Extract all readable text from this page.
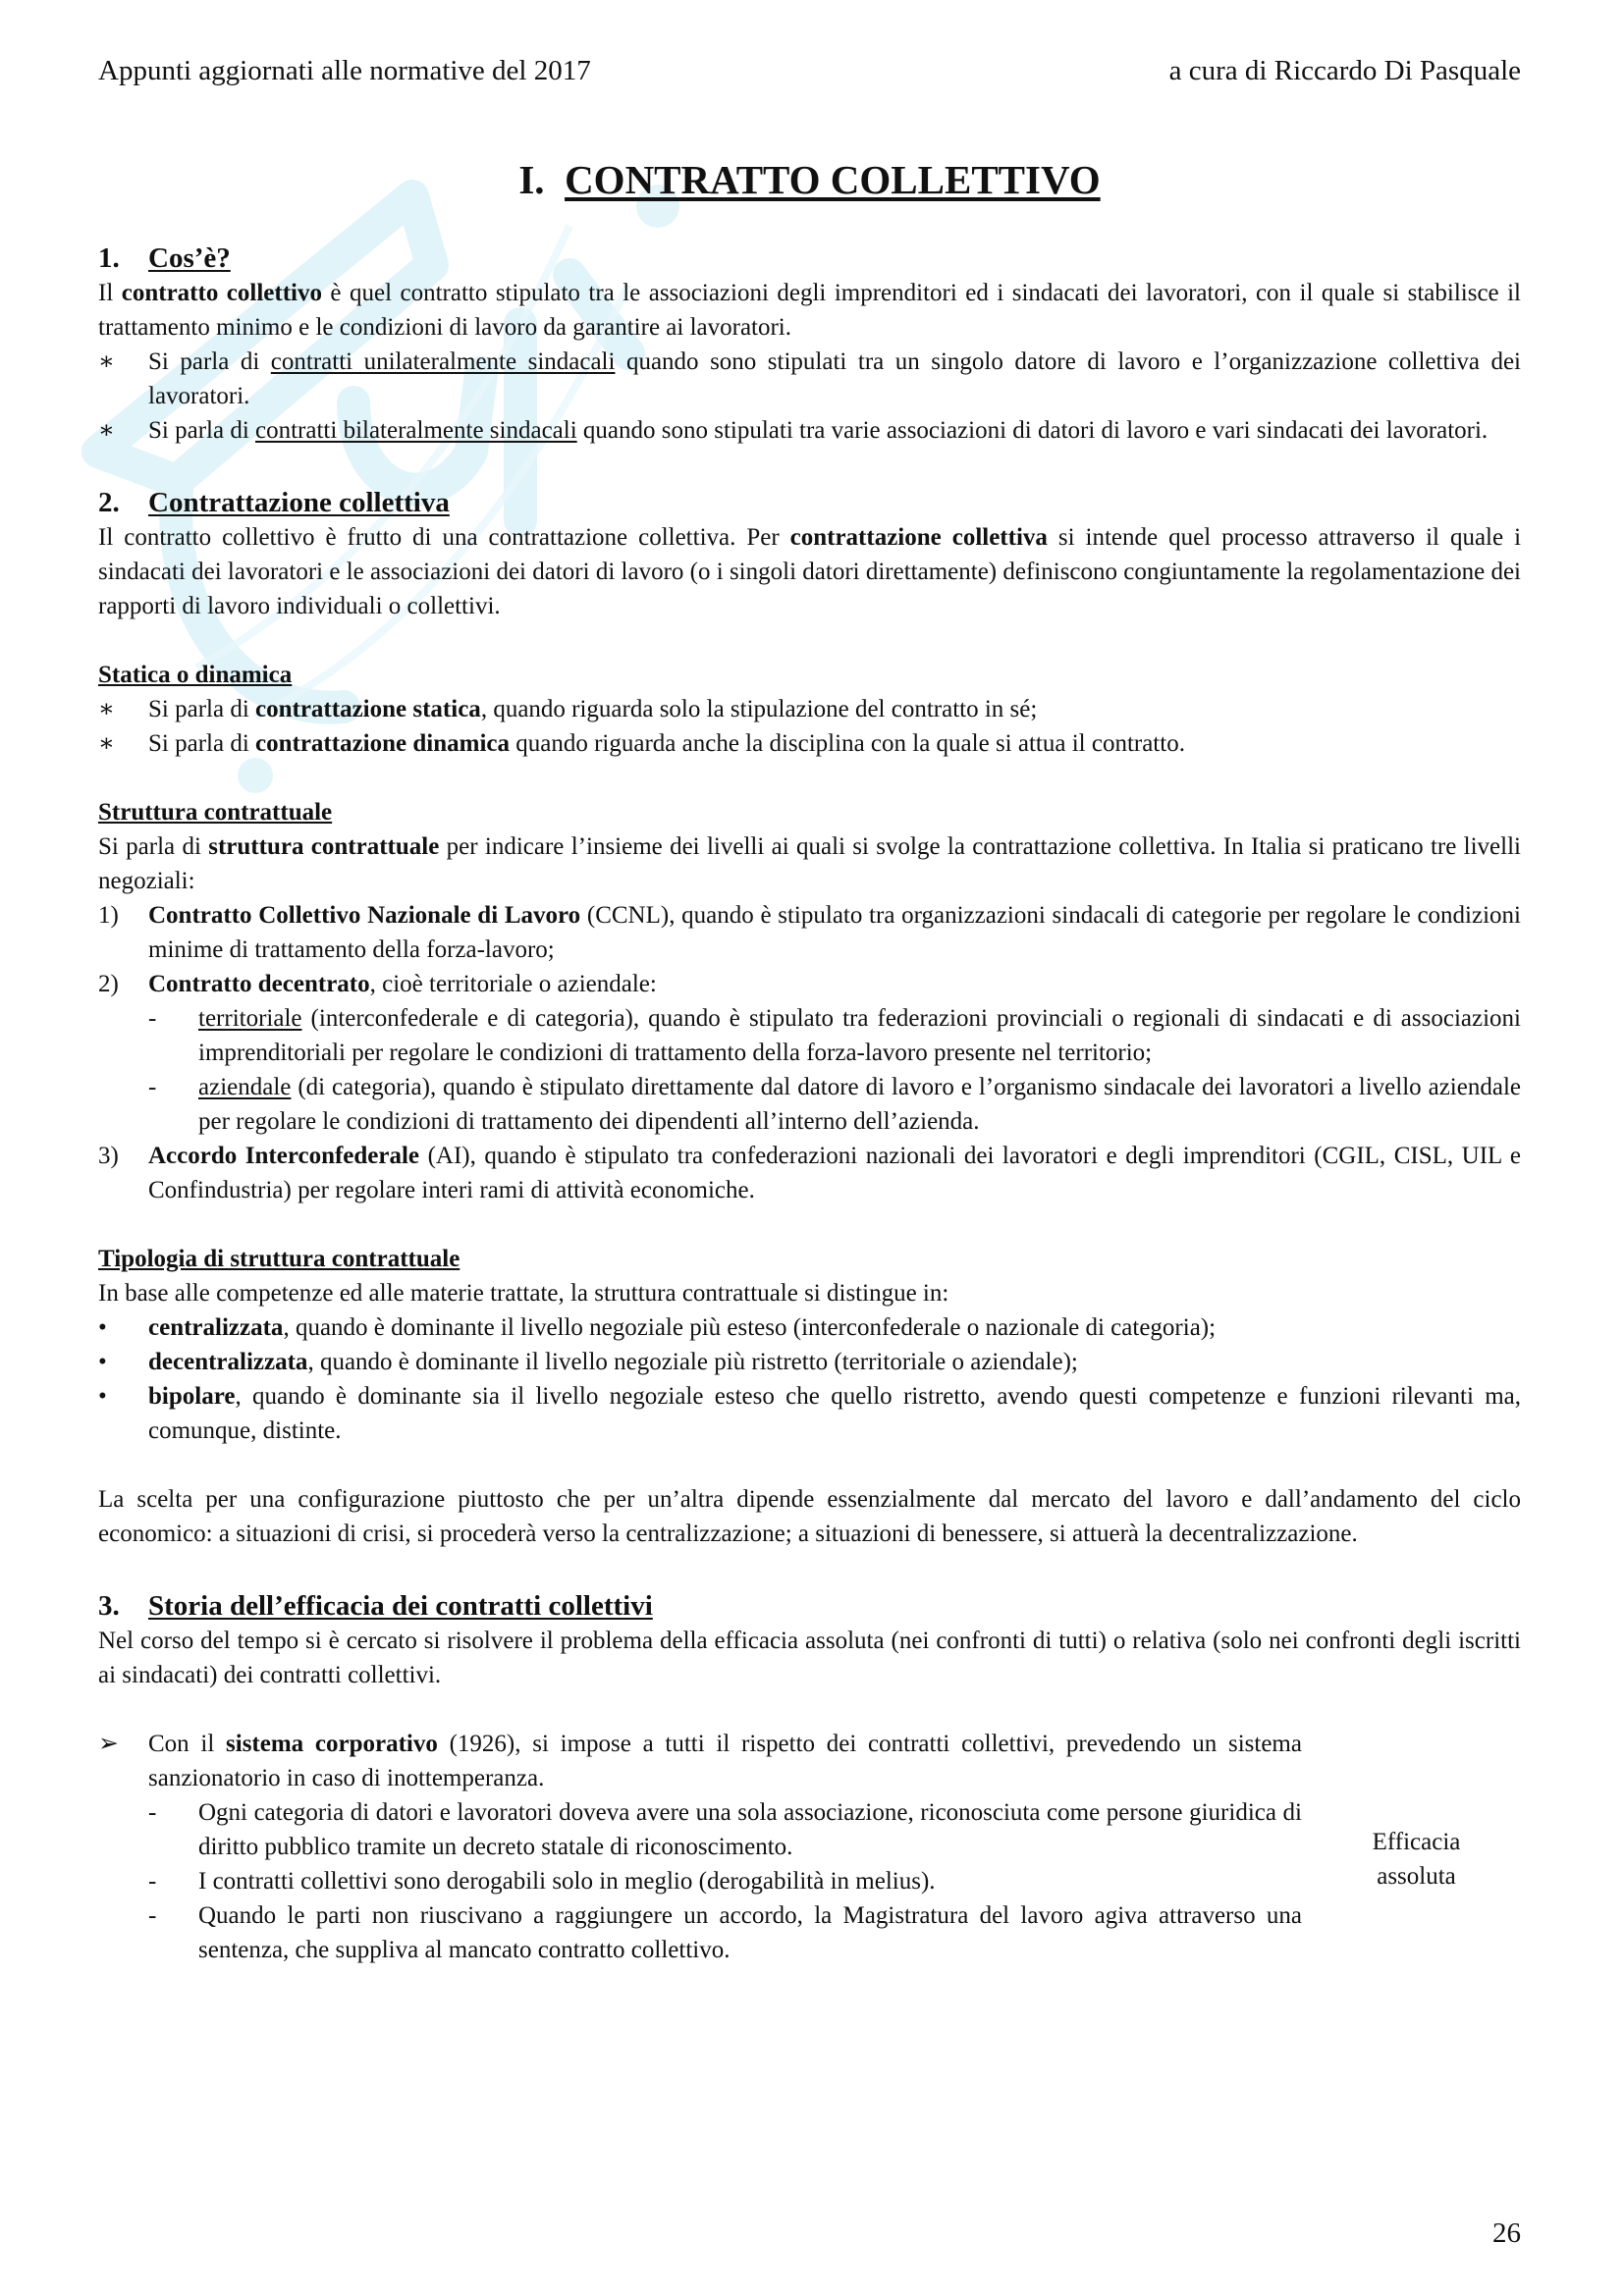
Appunti aggiornati alle normative del 2017	a cura di Riccardo Di Pasquale
I. CONTRATTO COLLETTIVO
1.	Cos’è?

Il contratto collettivo è quel contratto stipulato tra le associazioni degli imprenditori ed i sindacati dei lavoratori, con il quale si stabilisce il trattamento minimo e le condizioni di lavoro da garantire ai lavoratori.

∗	Si parla di contratti unilateralmente sindacali quando sono stipulati tra un singolo datore di lavoro e l’organizzazione collettiva dei lavoratori.
∗	Si parla di contratti bilateralmente sindacali quando sono stipulati tra varie associazioni di datori di lavoro e vari sindacati dei lavoratori.
2.	Contrattazione collettiva

Il contratto collettivo è frutto di una contrattazione collettiva. Per contrattazione collettiva si intende quel processo attraverso il quale i sindacati dei lavoratori e le associazioni dei datori di lavoro (o i singoli datori direttamente) definiscono congiuntamente la regolamentazione dei rapporti di lavoro individuali o collettivi.

Statica o dinamica
∗	Si parla di contrattazione statica, quando riguarda solo la stipulazione del contratto in sé;
∗	Si parla di contrattazione dinamica quando riguarda anche la disciplina con la quale si attua il contratto.
Struttura contrattuale

Si parla di struttura contrattuale per indicare l’insieme dei livelli ai quali si svolge la contrattazione collettiva. In Italia si praticano tre livelli negoziali:

1)	Contratto Collettivo Nazionale di Lavoro (CCNL), quando è stipulato tra organizzazioni sindacali di categorie per regolare le condizioni minime di trattamento della forza-lavoro;
2)	Contratto decentrato, cioè territoriale o aziendale:
-	territoriale (interconfederale e di categoria), quando è stipulato tra federazioni provinciali o regionali di sindacati e di associazioni imprenditoriali per regolare le condizioni di trattamento della forza-lavoro presente nel territorio;
-	aziendale (di categoria), quando è stipulato direttamente dal datore di lavoro e l’organismo sindacale dei lavoratori a livello aziendale per regolare le condizioni di trattamento dei dipendenti all’interno dell’azienda.
3)	Accordo Interconfederale (AI), quando è stipulato tra confederazioni nazionali dei lavoratori e degli imprenditori (CGIL, CISL, UIL e Confindustria) per regolare interi rami di attività economiche.
Tipologia di struttura contrattuale

In base alle competenze ed alle materie trattate, la struttura contrattuale si distingue in:

•	centralizzata, quando è dominante il livello negoziale più esteso (interconfederale o nazionale di categoria);
•	decentralizzata, quando è dominante il livello negoziale più ristretto (territoriale o aziendale);
•	bipolare, quando è dominante sia il livello negoziale esteso che quello ristretto, avendo questi competenze e funzioni rilevanti ma, comunque, distinte.

La scelta per una configurazione piuttosto che per un’altra dipende essenzialmente dal mercato del lavoro e dall’andamento del ciclo economico: a situazioni di crisi, si procederà verso la centralizzazione; a situazioni di benessere, si attuerà la decentralizzazione.

3.	Storia dell’efficacia dei contratti collettivi

Nel corso del tempo si è cercato si risolvere il problema della efficacia assoluta (nei confronti di tutti) o relativa (solo nei confronti degli iscritti ai sindacati) dei contratti collettivi.

➢	Con il sistema corporativo (1926), si impose a tutti il rispetto dei contratti collettivi, prevedendo un sistema sanzionatorio in caso di inottemperanza.
-	Ogni categoria di datori e lavoratori doveva avere una sola associazione, riconosciuta come persone giuridica di diritto pubblico tramite un decreto statale di riconoscimento.
-	I contratti collettivi sono derogabili solo in meglio (derogabilità in melius).
-	Quando le parti non riuscivano a raggiungere un accordo, la Magistratura del lavoro agiva attraverso una sentenza, che suppliva al mancato contratto collettivo.
Efficacia
assoluta
26
